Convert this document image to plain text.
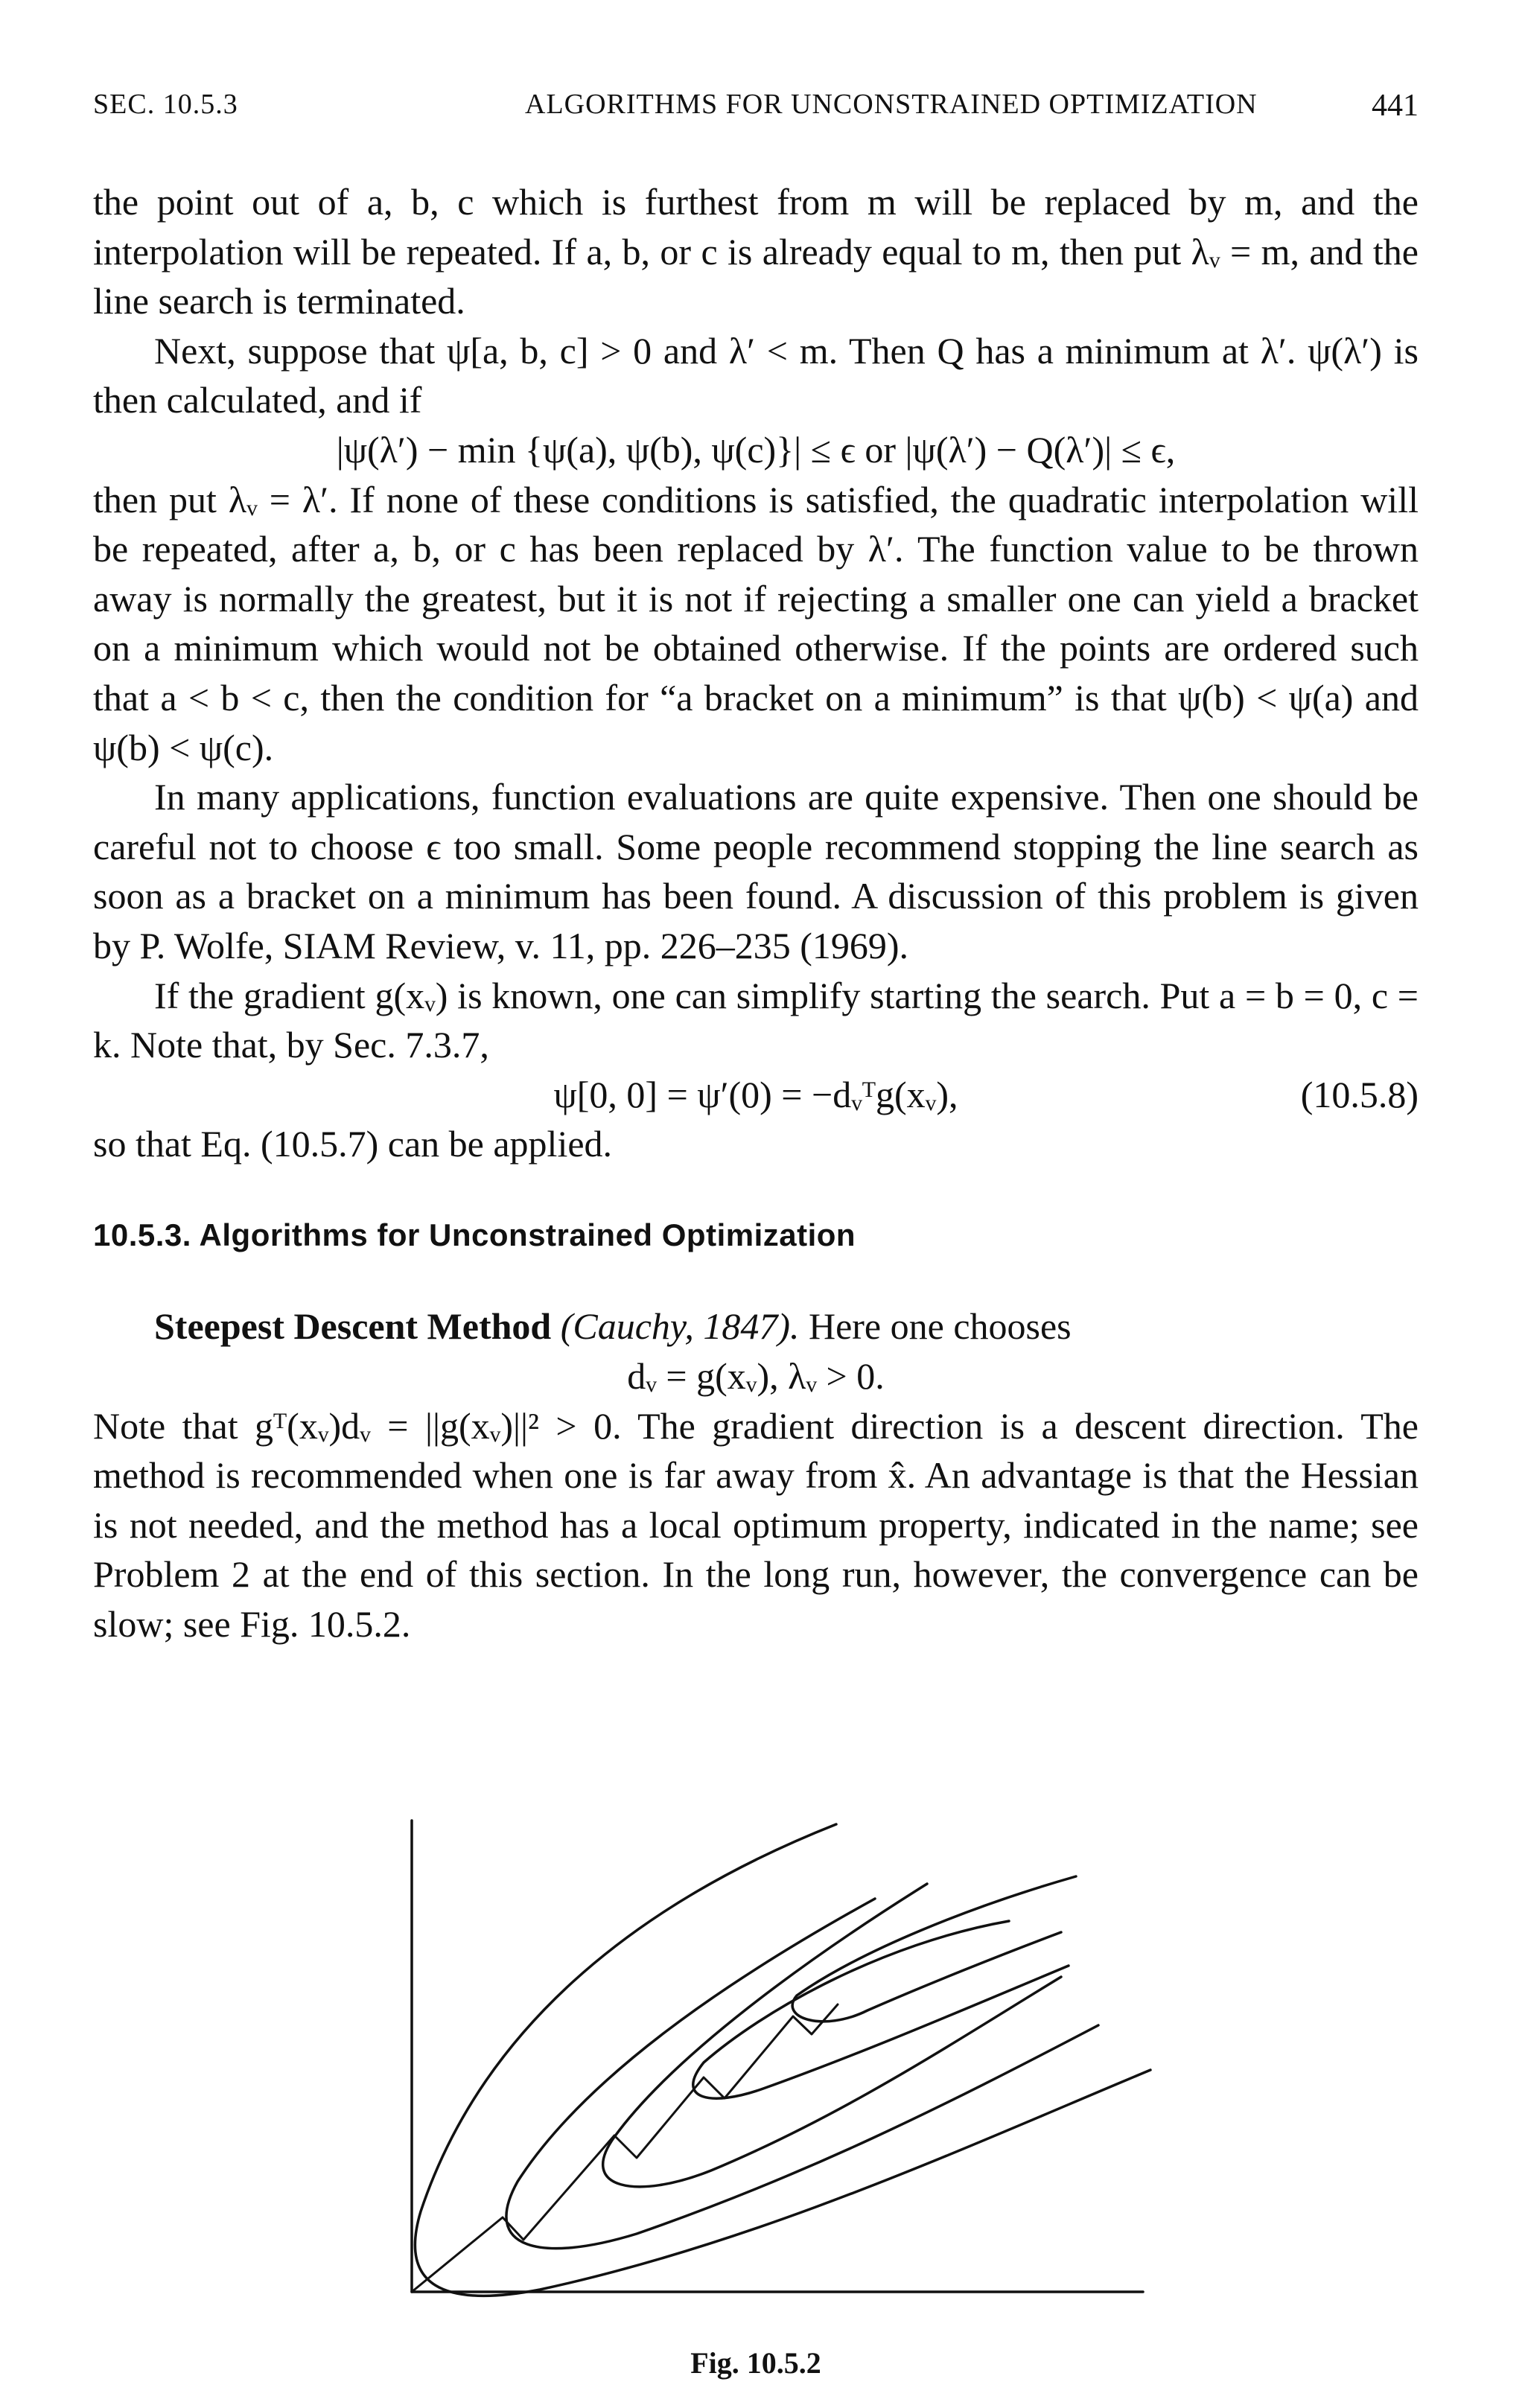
SEC. 10.5.3	ALGORITHMS FOR UNCONSTRAINED OPTIMIZATION	441

the point out of a, b, c which is furthest from m will be replaced by m, and the interpolation will be repeated. If a, b, or c is already equal to m, then put λᵥ = m, and the line search is terminated.

Next, suppose that ψ[a, b, c] > 0 and λ′ < m. Then Q has a minimum at λ′. ψ(λ′) is then calculated, and if

|ψ(λ′) − min {ψ(a), ψ(b), ψ(c)}| ≤ ϵ or |ψ(λ′) − Q(λ′)| ≤ ϵ,

then put λᵥ = λ′. If none of these conditions is satisfied, the quadratic interpolation will be repeated, after a, b, or c has been replaced by λ′. The function value to be thrown away is normally the greatest, but it is not if rejecting a smaller one can yield a bracket on a minimum which would not be obtained otherwise. If the points are ordered such that a < b < c, then the condition for “a bracket on a minimum” is that ψ(b) < ψ(a) and ψ(b) < ψ(c).

In many applications, function evaluations are quite expensive. Then one should be careful not to choose ϵ too small. Some people recommend stopping the line search as soon as a bracket on a minimum has been found. A discussion of this problem is given by P. Wolfe, SIAM Review, v. 11, pp. 226–235 (1969).

If the gradient g(xᵥ) is known, one can simplify starting the search. Put a = b = 0, c = k. Note that, by Sec. 7.3.7,

ψ[0, 0] = ψ′(0) = −dᵥᵀg(xᵥ),	(10.5.8)

so that Eq. (10.5.7) can be applied.

10.5.3. Algorithms for Unconstrained Optimization

Steepest Descent Method (Cauchy, 1847). Here one chooses

dᵥ = g(xᵥ), λᵥ > 0.

Note that gᵀ(xᵥ)dᵥ = ||g(xᵥ)||² > 0. The gradient direction is a descent direction. The method is recommended when one is far away from x̂. An advantage is that the Hessian is not needed, and the method has a local optimum property, indicated in the name; see Problem 2 at the end of this section. In the long run, however, the convergence can be slow; see Fig. 10.5.2.

Fig. 10.5.2
